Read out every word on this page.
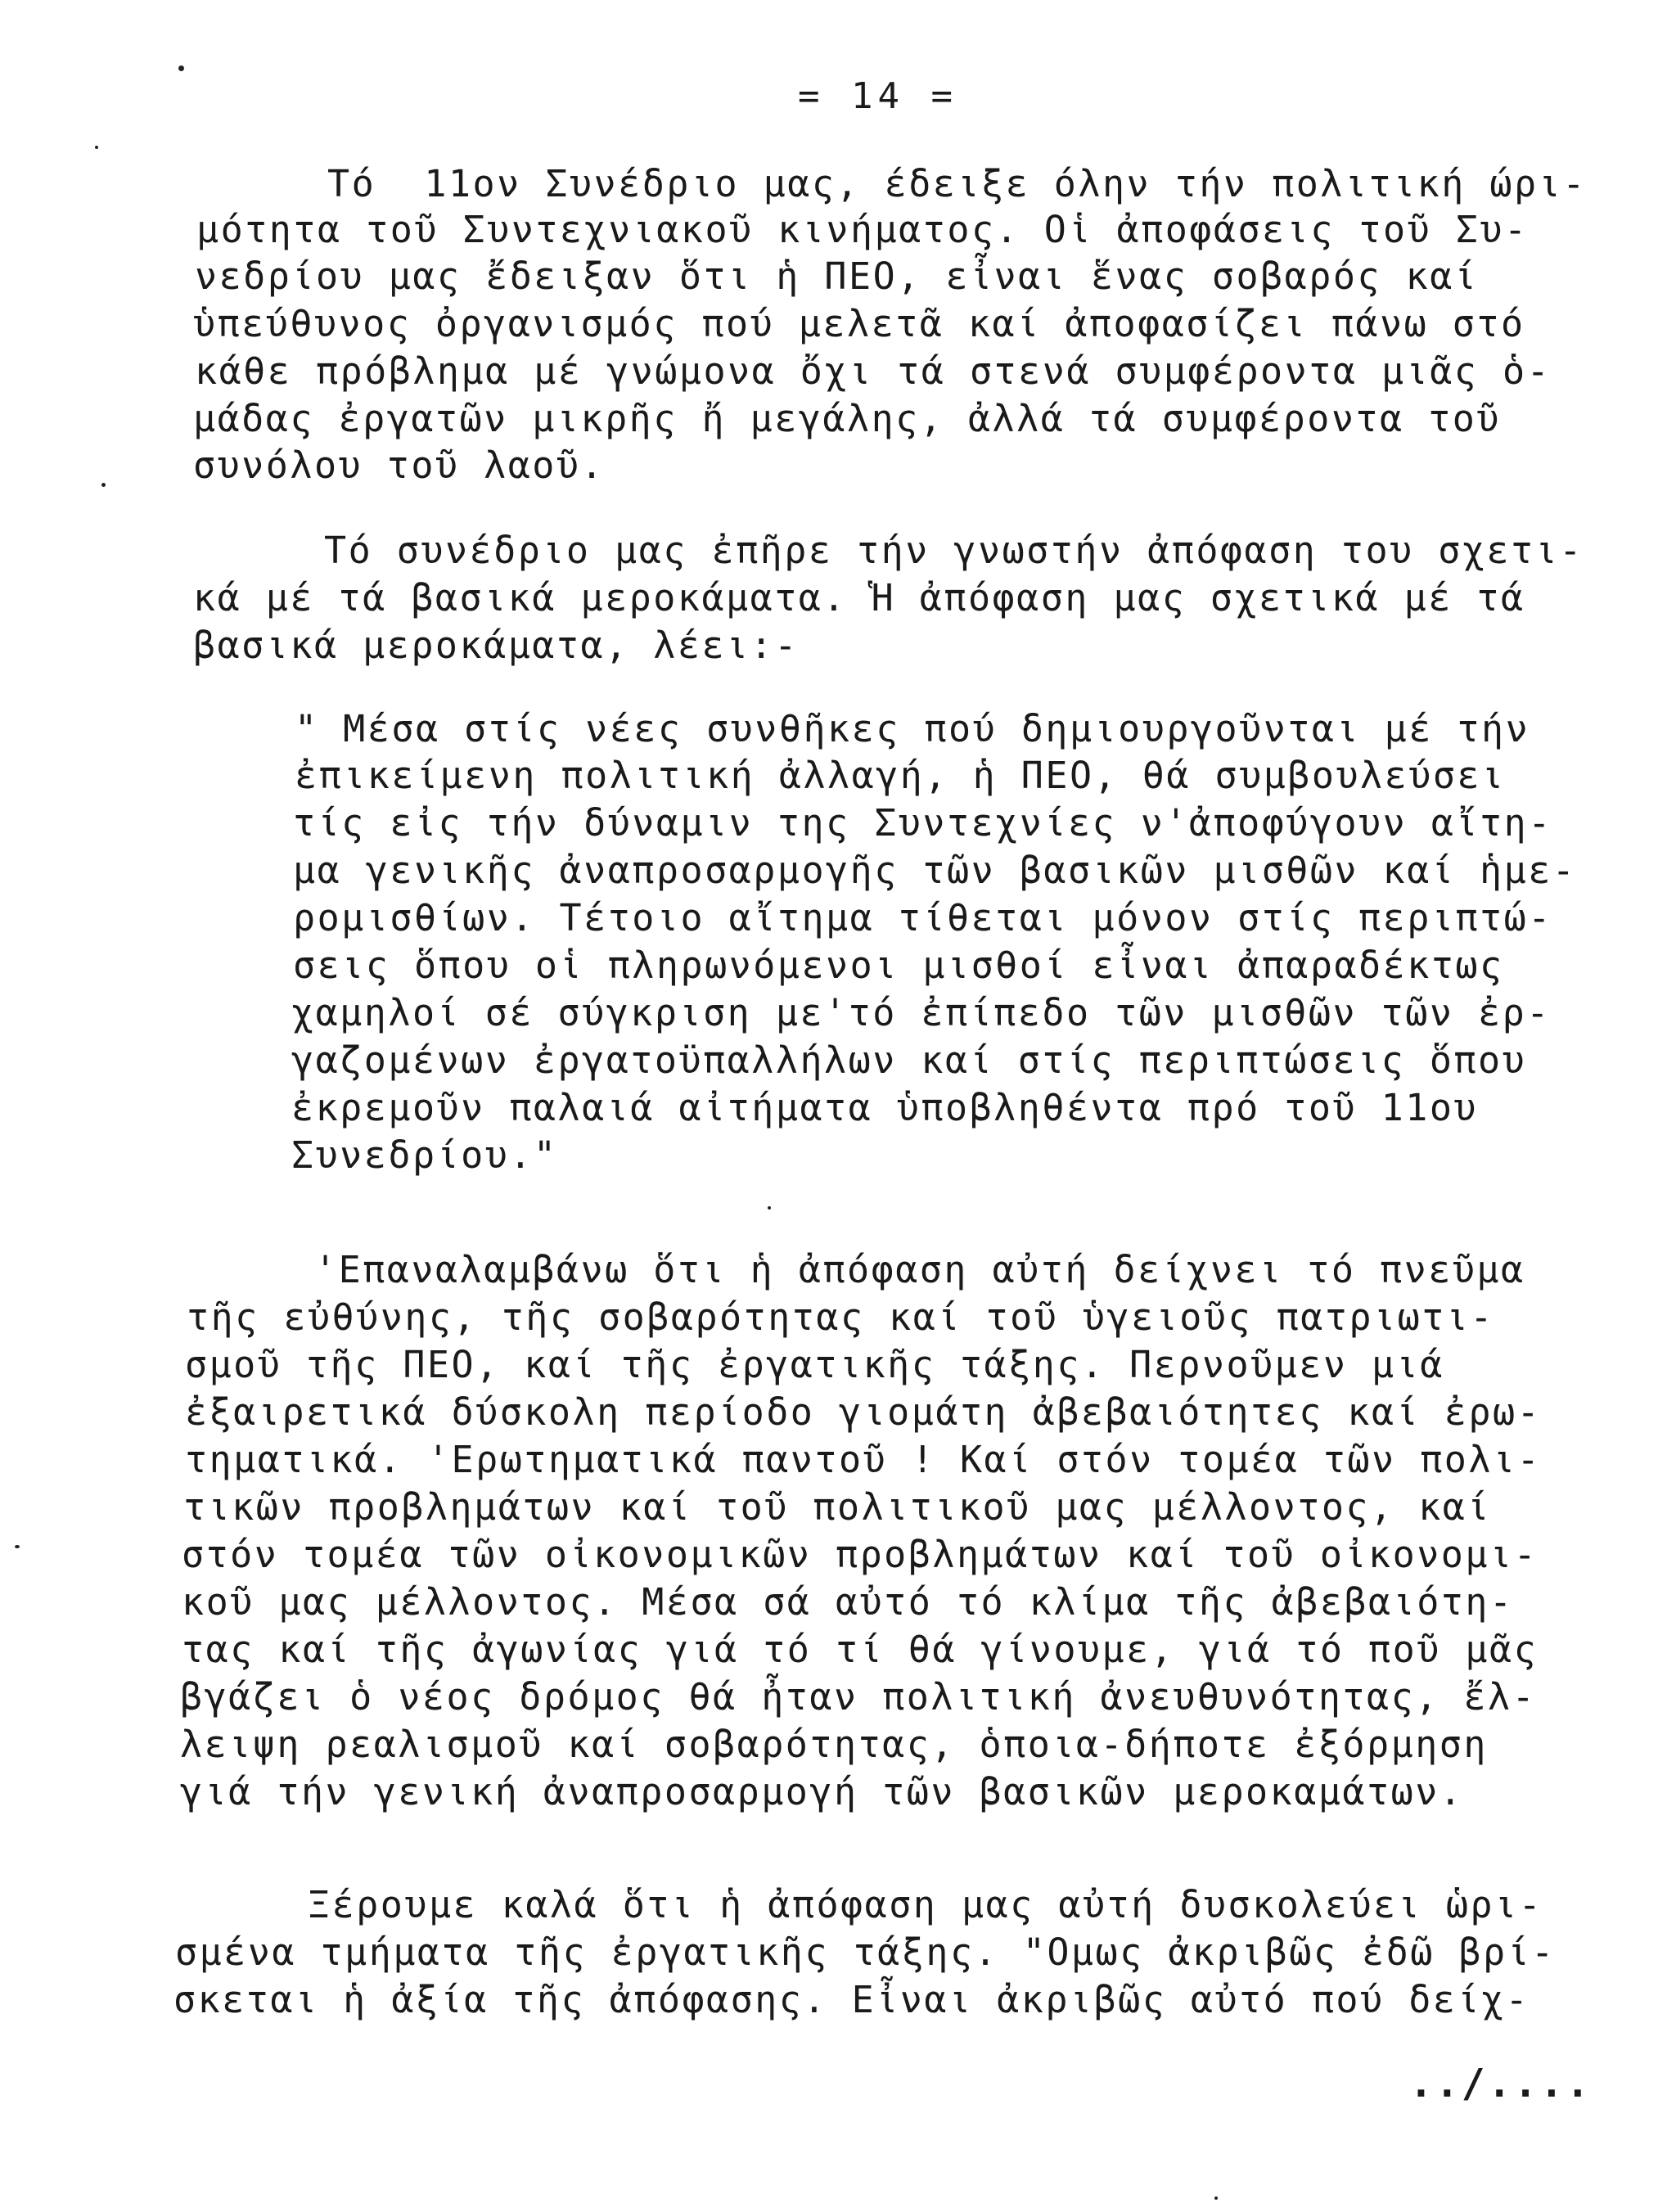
= 14 =
Τό  11ον Συνέδριο μας, έδειξε όλην τήν πολιτική ώρι-
μότητα τοῦ Συντεχνιακοῦ κινήματος. Οἱ ἀποφάσεις τοῦ Συ-
νεδρίου μας ἔδειξαν ὅτι ἡ ΠΕΟ, εἶναι ἕνας σοβαρός καί
ὑπεύθυνος ὀργανισμός πού μελετᾶ καί ἀποφασίζει πάνω στό
κάθε πρόβλημα μέ γνώμονα ὄχι τά στενά συμφέροντα μιᾶς ὁ-
μάδας ἐργατῶν μικρῆς ἤ μεγάλης, ἀλλά τά συμφέροντα τοῦ
συνόλου τοῦ λαοῦ.
Τό συνέδριο μας ἐπῆρε τήν γνωστήν ἀπόφαση του σχετι-
κά μέ τά βασικά μεροκάματα. Ἡ ἀπόφαση μας σχετικά μέ τά
βασικά μεροκάματα, λέει:-
" Μέσα στίς νέες συνθῆκες πού δημιουργοῦνται μέ τήν
ἐπικείμενη πολιτική ἀλλαγή, ἡ ΠΕΟ, θά συμβουλεύσει
τίς εἰς τήν δύναμιν της Συντεχνίες ν'ἀποφύγουν αἴτη-
μα γενικῆς ἀναπροσαρμογῆς τῶν βασικῶν μισθῶν καί ἡμε-
ρομισθίων. Τέτοιο αἴτημα τίθεται μόνον στίς περιπτώ-
σεις ὅπου οἱ πληρωνόμενοι μισθοί εἶναι ἀπαραδέκτως
χαμηλοί σέ σύγκριση με'τό ἐπίπεδο τῶν μισθῶν τῶν ἐρ-
γαζομένων ἐργατοϋπαλλήλων καί στίς περιπτώσεις ὅπου
ἐκρεμοῦν παλαιά αἰτήματα ὑποβληθέντα πρό τοῦ 11ου
Συνεδρίου."
'Επαναλαμβάνω ὅτι ἡ ἀπόφαση αὐτή δείχνει τό πνεῦμα
τῆς εὐθύνης, τῆς σοβαρότητας καί τοῦ ὑγειοῦς πατριωτι-
σμοῦ τῆς ΠΕΟ, καί τῆς ἐργατικῆς τάξης. Περνοῦμεν μιά
ἐξαιρετικά δύσκολη περίοδο γιομάτη ἀβεβαιότητες καί ἐρω-
τηματικά. 'Ερωτηματικά παντοῦ ! Καί στόν τομέα τῶν πολι-
τικῶν προβλημάτων καί τοῦ πολιτικοῦ μας μέλλοντος, καί
στόν τομέα τῶν οἰκονομικῶν προβλημάτων καί τοῦ οἰκονομι-
κοῦ μας μέλλοντος. Μέσα σά αὐτό τό κλίμα τῆς ἀβεβαιότη-
τας καί τῆς ἀγωνίας γιά τό τί θά γίνουμε, γιά τό ποῦ μᾶς
βγάζει ὁ νέος δρόμος θά ἦταν πολιτική ἀνευθυνότητας, ἔλ-
λειψη ρεαλισμοῦ καί σοβαρότητας, ὁποια-δήποτε ἐξόρμηση
γιά τήν γενική ἀναπροσαρμογή τῶν βασικῶν μεροκαμάτων.
Ξέρουμε καλά ὅτι ἡ ἀπόφαση μας αὐτή δυσκολεύει ὡρι-
σμένα τμήματα τῆς ἐργατικῆς τάξης. "Ομως ἀκριβῶς ἐδῶ βρί-
σκεται ἡ ἀξία τῆς ἀπόφασης. Εἶναι ἀκριβῶς αὐτό πού δείχ-
../....
